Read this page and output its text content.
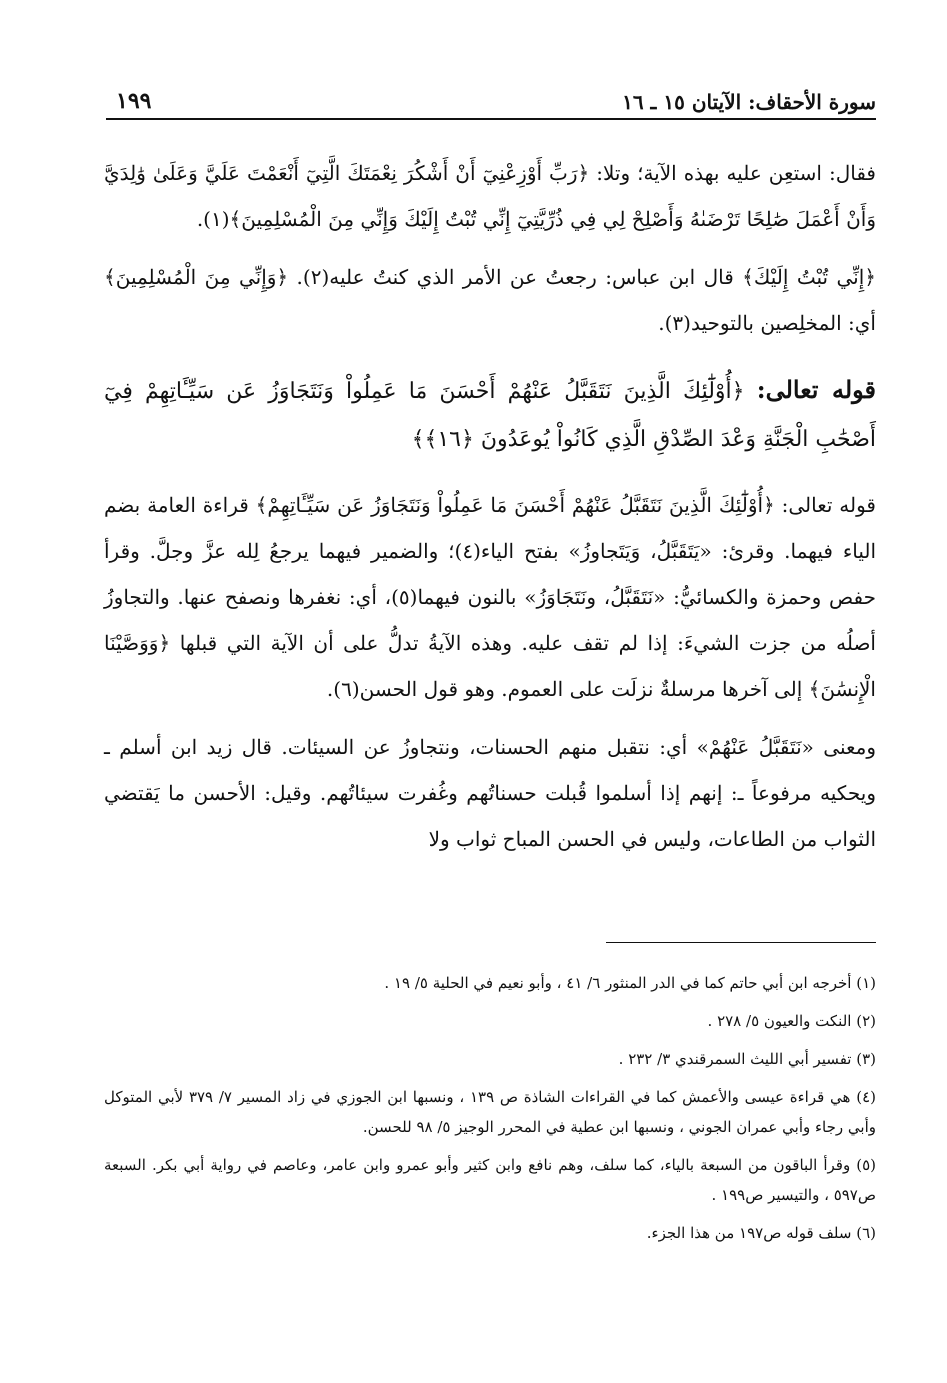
سورة الأحقاف: الآيتان ١٥ ـ ١٦
١٩٩

فقال: استعِن عليه بهذه الآية؛ وتلا: ﴿رَبِّ أَوْزِعْنِيٓ أَنْ أَشْكُرَ نِعْمَتَكَ الَّتِيٓ أَنْعَمْتَ عَلَيَّ وَعَلَىٰ وَٰلِدَيَّ وَأَنْ أَعْمَلَ صَٰلِحًا تَرْضَىٰهُ وَأَصْلِحْ لِي فِي ذُرِّيَّتِيٓ إِنِّي تُبْتُ إِلَيْكَ وَإِنِّي مِنَ الْمُسْلِمِينَ﴾(١).

﴿إِنِّي تُبْتُ إِلَيْكَ﴾ قال ابن عباس: رجعتُ عن الأمر الذي كنتُ عليه(٢). ﴿وَإِنِّي مِنَ الْمُسْلِمِينَ﴾ أي: المخلِصين بالتوحيد(٣).

قوله تعالى: ﴿أُوْلَٰٓئِكَ الَّذِينَ نَتَقَبَّلُ عَنْهُمْ أَحْسَنَ مَا عَمِلُواْ وَنَتَجَاوَزُ عَن سَيِّـَٔاتِهِمْ فِيٓ أَصْحَٰبِ الْجَنَّةِ وَعْدَ الصِّدْقِ الَّذِي كَانُواْ يُوعَدُونَ ﴿١٦﴾﴾

قوله تعالى: ﴿أُوْلَٰٓئِكَ الَّذِينَ نَتَقَبَّلُ عَنْهُمْ أَحْسَنَ مَا عَمِلُواْ وَنَتَجَاوَزُ عَن سَيِّـَٔاتِهِمْ﴾ قراءة العامة بضم الياء فيهما. وقرئ: «يَتَقَبَّلُ، وَيَتَجاوزُ» بفتح الياء(٤)؛ والضمير فيهما يرجعُ لِله عزَّ وجلَّ. وقرأ حفص وحمزة والكسائيُّ: «نَتَقَبَّلُ، ونَتَجَاوَزُ» بالنون فيهما(٥)، أي: نغفرها ونصفح عنها. والتجاوزُ أصلُه من جزت الشيءَ: إذا لم تقف عليه. وهذه الآيةُ تدلُّ على أن الآية التي قبلها ﴿وَوَصَّيْنَا الْإِنسَٰنَ﴾ إلى آخرها مرسلةٌ نزلَت على العموم. وهو قول الحسن(٦).

ومعنى «نَتَقَبَّلُ عَنْهُمْ» أي: نتقبل منهم الحسنات، ونتجاوزُ عن السيئات. قال زيد ابن أسلم ـ ويحكيه مرفوعاً ـ: إنهم إذا أسلموا قُبلت حسناتُهم وغُفرت سيئاتُهم. وقيل: الأحسن ما يَقتضي الثواب من الطاعات، وليس في الحسن المباح ثواب ولا

(١) أخرجه ابن أبي حاتم كما في الدر المنثور ٦/ ٤١ ، وأبو نعيم في الحلية ٥/ ١٩ .
(٢) النكت والعيون ٥/ ٢٧٨ .
(٣) تفسير أبي الليث السمرقندي ٣/ ٢٣٢ .
(٤) هي قراءة عيسى والأعمش كما في القراءات الشاذة ص ١٣٩ ، ونسبها ابن الجوزي في زاد المسير ٧/ ٣٧٩ لأبي المتوكل وأبي رجاء وأبي عمران الجوني ، ونسبها ابن عطية في المحرر الوجيز ٥/ ٩٨ للحسن.
(٥) وقرأ الباقون من السبعة بالياء، كما سلف، وهم نافع وابن كثير وأبو عمرو وابن عامر، وعاصم في رواية أبي بكر. السبعة ص٥٩٧ ، والتيسير ص١٩٩ .
(٦) سلف قوله ص١٩٧ من هذا الجزء.
